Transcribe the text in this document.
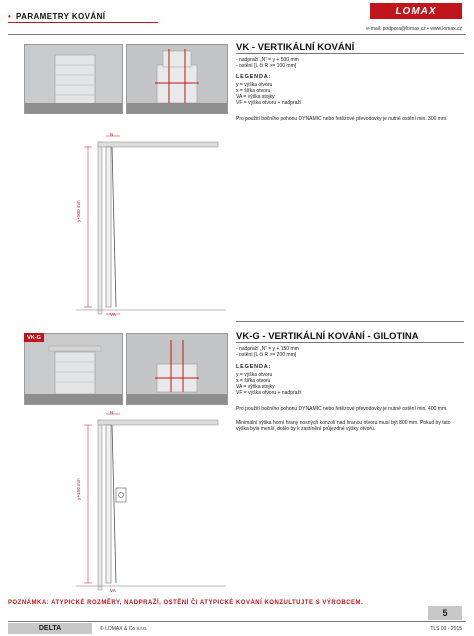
• PARAMETRY KOVÁNÍ	LOMAX
e-mail: podpora@lomax.cz • www.lomax.cz
VK - VERTIKÁLNÍ KOVÁNÍ
- nadpraží „N“ = y + 500 mm
- ostění [L či R >= 100 mm]
LEGENDA:
y = výška otvoru
x = šířka otvoru
VA = výška stojky
VF = výška otvoru + nadpraží
Pro použití bočního pohonu DYNAMIC nebo řetězové převodovky je nutné ostění min. 300 mm.
N
y+500 mm
VA
VK-G	VK-G - VERTIKÁLNÍ KOVÁNÍ - GILOTINA
- nadpraží „N“ = y + 150 mm
- ostění [L či R >= 200 mm]
LEGENDA:
y = výška otvoru
x = šířka otvoru
VA = výška stojky
VF = výška otvoru + nadpraží
Pro použití bočního pohonu DYNAMIC nebo řetězové převodovky je nutné ostění min. 400 mm.
Minimální výška horní hrany nosných konzolí nad hranou otvoru musí být 800 mm. Pokud by tato výška byla menší, došlo by k zastínění průjezdné výšky otvoru.
N
y+150 mm
VA
POZNÁMKA: ATYPICKÉ ROZMĚRY, NADPRAŽÍ, OSTĚNÍ ČI ATYPICKÉ KOVÁNÍ KONZULTUJTE S VÝROBCEM.
5
DELTA	© LOMAX & Co s.r.o.	TLS 03 - 2015
